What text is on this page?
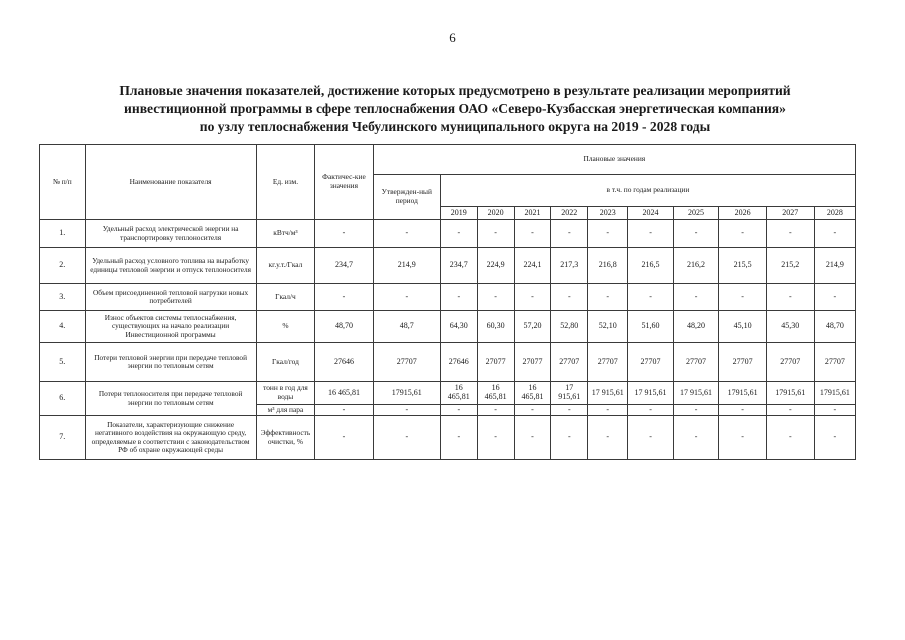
6
Плановые значения показателей, достижение которых предусмотрено в результате реализации мероприятий
инвестиционной программы в сфере теплоснабжения ОАО «Северо-Кузбасская энергетическая компания»
по узлу теплоснабжения Чебулинского муниципального округа на 2019 - 2028 годы
№ п/п	Наименование показателя	Ед. изм.	Фактичес-кие значения	Плановые значения										
				Утвержден-ный период	в т.ч. по годам реализации									
					2019	2020	2021	2022	2023	2024	2025	2026	2027	2028
1.	Удельный расход электрической энергии на транспортировку теплоносителя	кВтч/м³	-	-	-	-	-	-	-	-	-	-	-	-
2.	Удельный расход условного топлива на выработку единицы тепловой энергии и отпуск теплоносителя	кг.у.т./Гкал	234,7	214,9	234,7	224,9	224,1	217,3	216,8	216,5	216,2	215,5	215,2	214,9
3.	Объем присоединенной тепловой нагрузки новых потребителей	Гкал/ч	-	-	-	-	-	-	-	-	-	-	-	-
4.	Износ объектов системы теплоснабжения, существующих на начало реализации Инвестиционной программы	%	48,70	48,7	64,30	60,30	57,20	52,80	52,10	51,60	48,20	45,10	45,30	48,70
5.	Потери тепловой энергии при передаче тепловой энергии по тепловым сетям	Гкал/год	27646	27707	27646	27077	27077	27707	27707	27707	27707	27707	27707	27707
6.	Потери теплоносителя при передаче тепловой энергии по тепловым сетям	тонн в год для воды	16 465,81	17915,61	16 465,81	16 465,81	16 465,81	17 915,61	17 915,61	17 915,61	17 915,61	17915,61	17915,61	17915,61
		м³ для пара	-	-	-	-	-	-	-	-	-	-	-	-
7.	Показатели, характеризующие снижение негативного воздействия на окружающую среду, определяемые в соответствии с законодательством РФ об охране окружающей среды	Эффективность очистки, %	-	-	-	-	-	-	-	-	-	-	-	-
